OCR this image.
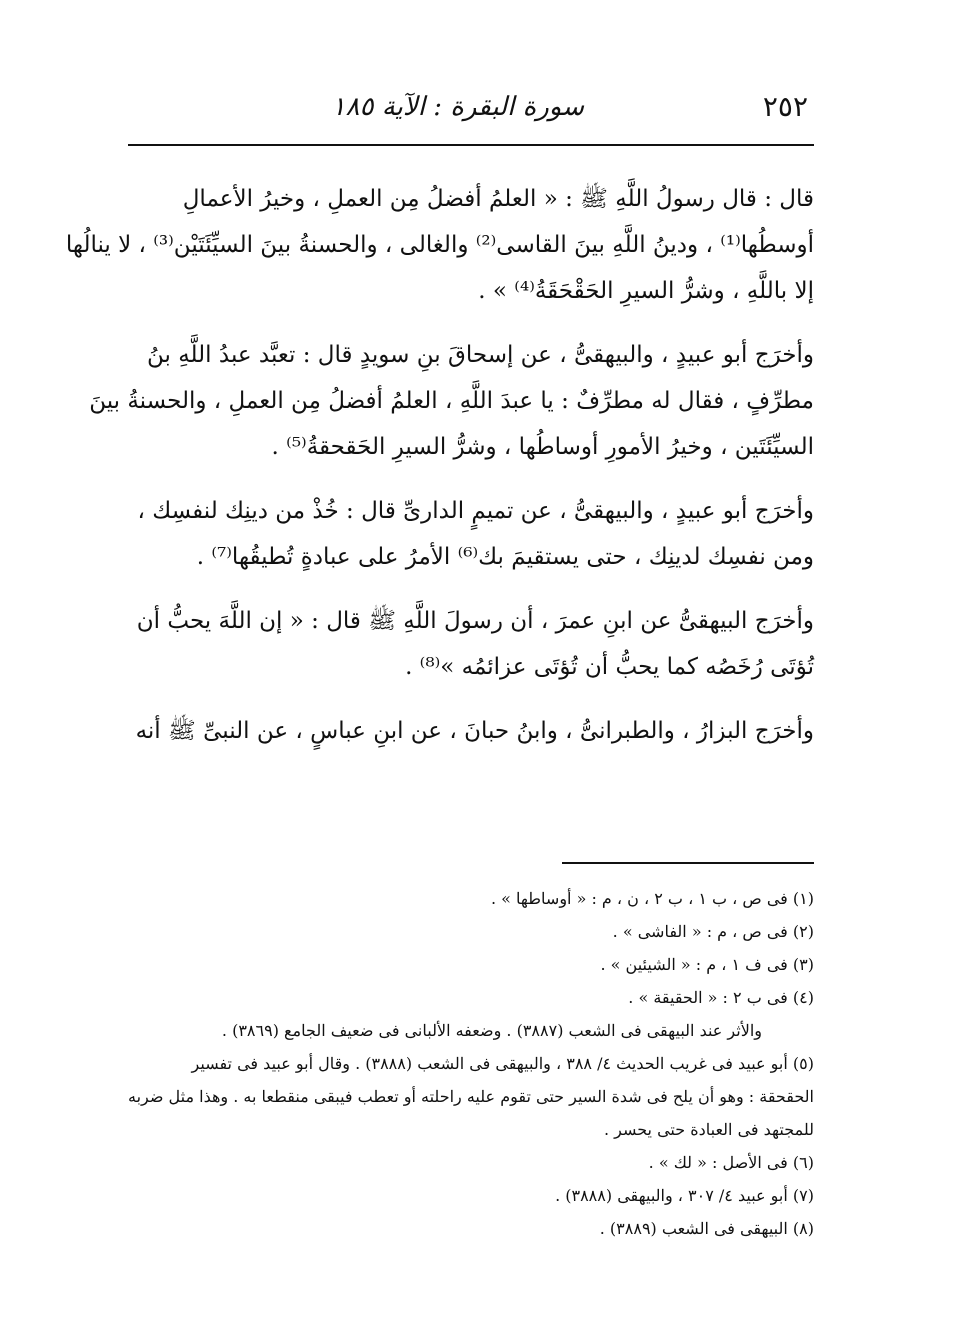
٢٥٢
سورة البقرة : الآية ١٨٥

قال : قال رسولُ اللَّهِ ﷺ : « العلمُ أفضلُ مِن العملِ ، وخيرُ الأعمالِ
أوسطُها⁽¹⁾ ، ودينُ اللَّهِ بينَ القاسى⁽²⁾ والغالى ، والحسنةُ بينَ السيِّئَتَيْن⁽³⁾ ، لا ينالُها
إلا باللَّهِ ، وشرُّ السيرِ الحَقْحَقَةُ⁽⁴⁾ » .

وأخرَج أبو عبيدٍ ، والبيهقىُّ ، عن إسحاقَ بنِ سويدٍ قال : تعبَّد عبدُ اللَّهِ بنُ
مطرِّفٍ ، فقال له مطرِّفٌ : يا عبدَ اللَّهِ ، العلمُ أفضلُ مِن العملِ ، والحسنةُ بينَ
السيِّئَتَين ، وخيرُ الأمورِ أوساطُها ، وشرُّ السيرِ الحَقحقةُ⁽⁵⁾ .

وأخرَج أبو عبيدٍ ، والبيهقىُّ ، عن تميمٍ الدارىِّ قال : خُذْ من دينِك لنفسِك ،
ومن نفسِك لدينِك ، حتى يستقيمَ بك⁽⁶⁾ الأمرُ على عبادةٍ تُطيقُها⁽⁷⁾ .

وأخرَج البيهقىُّ عن ابنِ عمرَ ، أن رسولَ اللَّهِ ﷺ قال : « إن اللَّهَ يحبُّ أن
تُؤتَى رُخَصُه كما يحبُّ أن تُؤتَى عزائمُه »⁽⁸⁾ .

وأخرَج البزارُ ، والطبرانىُّ ، وابنُ حبانَ ، عن ابنِ عباسٍ ، عن النبىِّ ﷺ أنه

(١) فى ص ، ب ١ ، ب ٢ ، ن ، م : « أوساطها » .
(٢) فى ص ، م : « الفاشى » .
(٣) فى ف ١ ، م : « الشيئين » .
(٤) فى ب ٢ : « الحقيقة » .
والأثر عند البيهقى فى الشعب (٣٨٨٧) . وضعفه الألبانى فى ضعيف الجامع (٣٨٦٩) .
(٥) أبو عبيد فى غريب الحديث ٤/ ٣٨٨ ، والبيهقى فى الشعب (٣٨٨٨) . وقال أبو عبيد فى تفسير
الحقحقة : وهو أن يلح فى شدة السير حتى تقوم عليه راحلته أو تعطب فيبقى منقطعا به . وهذا مثل ضربه
للمجتهد فى العبادة حتى يحسر .
(٦) فى الأصل : « لك » .
(٧) أبو عبيد ٤/ ٣٠٧ ، والبيهقى (٣٨٨٨) .
(٨) البيهقى فى الشعب (٣٨٨٩) .
